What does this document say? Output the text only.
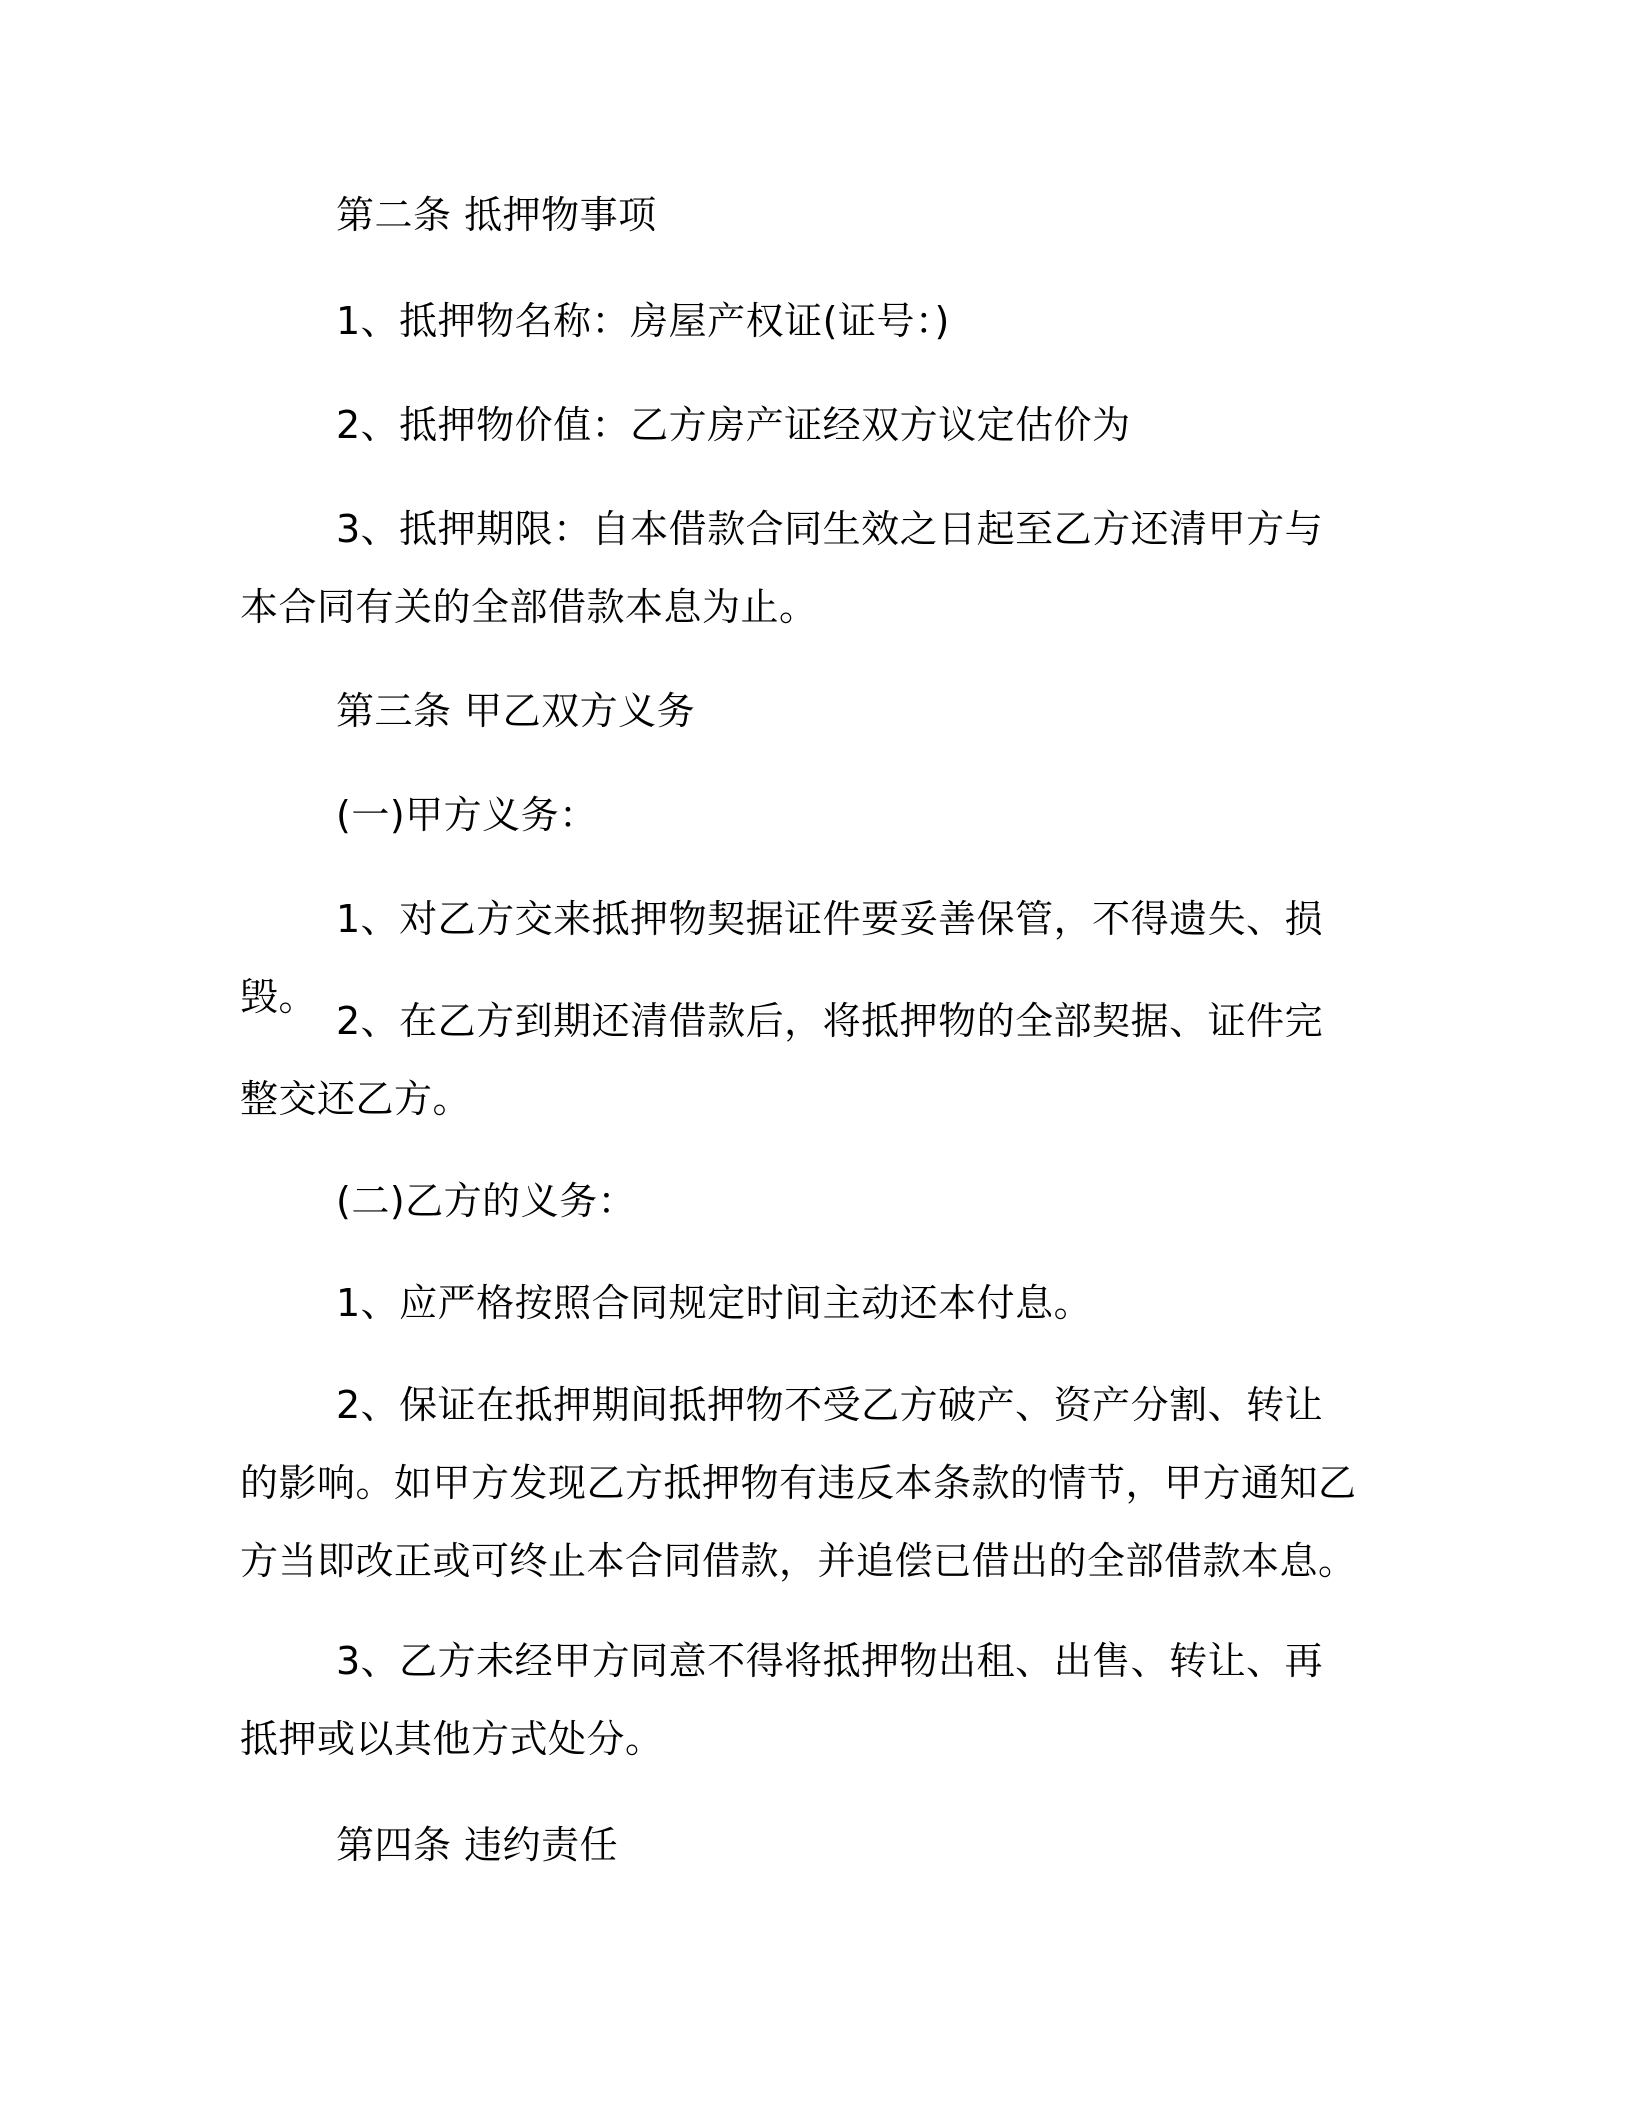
第二条 抵押物事项

1、抵押物名称：房屋产权证(证号：)

2、抵押物价值：乙方房产证经双方议定估价为

3、抵押期限：自本借款合同生效之日起至乙方还清甲方与本合同有关的全部借款本息为止。

第三条 甲乙双方义务

(一)甲方义务：

1、对乙方交来抵押物契据证件要妥善保管，不得遗失、损毁。

2、在乙方到期还清借款后，将抵押物的全部契据、证件完整交还乙方。

(二)乙方的义务：

1、应严格按照合同规定时间主动还本付息。

2、保证在抵押期间抵押物不受乙方破产、资产分割、转让的影响。如甲方发现乙方抵押物有违反本条款的情节，甲方通知乙方当即改正或可终止本合同借款，并追偿已借出的全部借款本息。

3、乙方未经甲方同意不得将抵押物出租、出售、转让、再抵押或以其他方式处分。

第四条 违约责任
